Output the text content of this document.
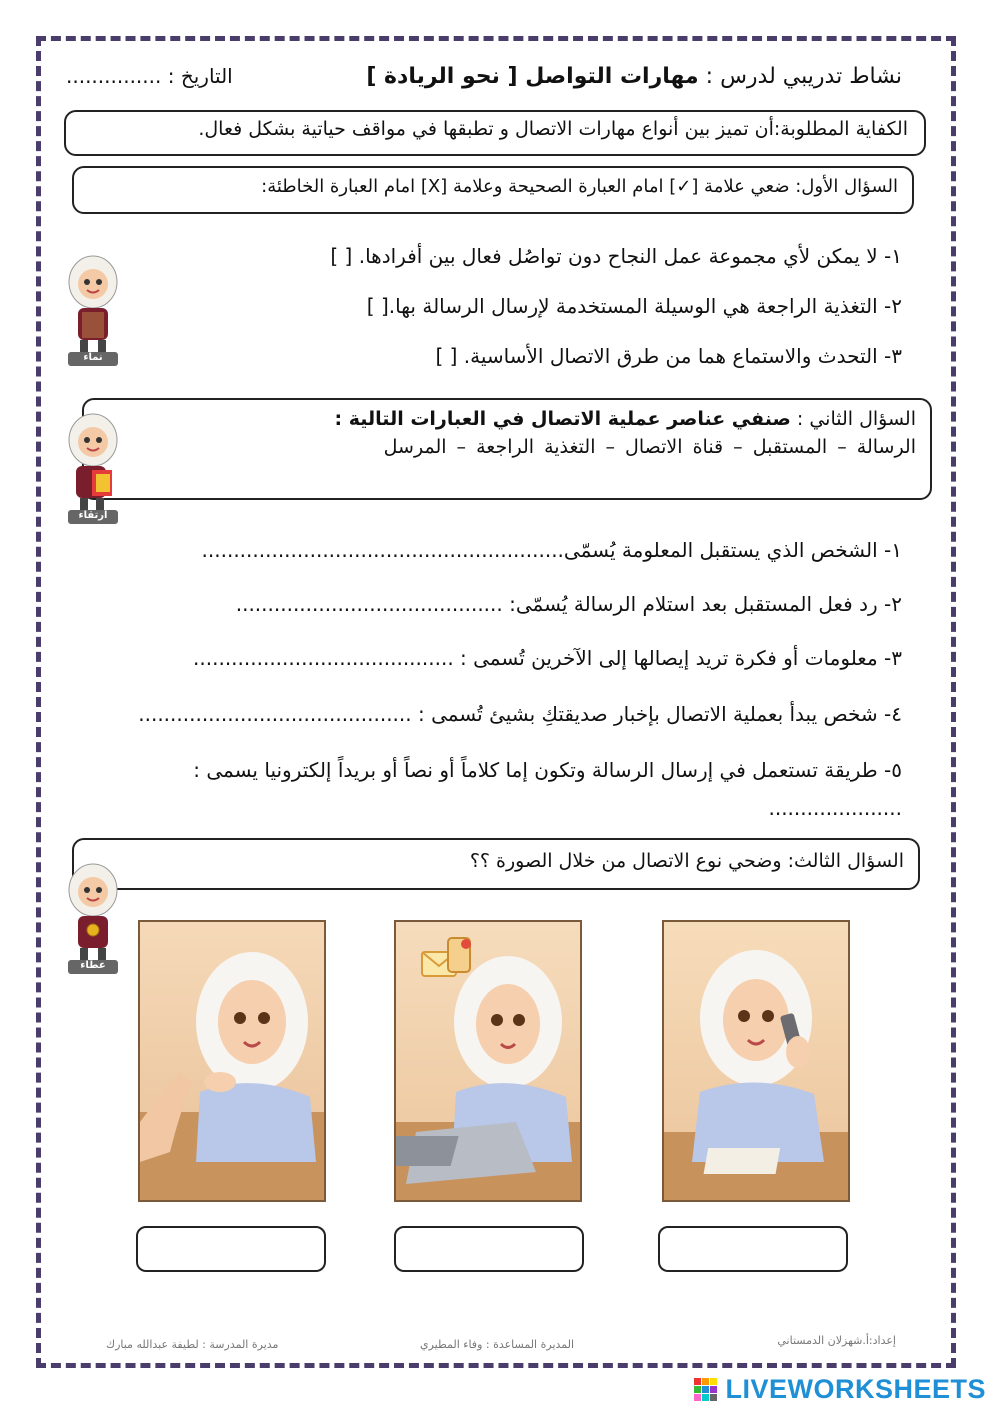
نشاط تدريبي لدرس : مهارات التواصل [ نحو الريادة ]
التاريخ : ...............
الكفاية المطلوبة:أن تميز بين أنواع مهارات الاتصال و تطبقها في مواقف حياتية بشكل فعال.
السؤال الأول: ضعي علامة [✓] امام العبارة الصحيحة وعلامة [X] امام العبارة الخاطئة:
١- لا يمكن لأي مجموعة عمل النجاح دون تواصُل فعال بين أفرادها. [ ]
٢- التغذية الراجعة هي الوسيلة المستخدمة لإرسال الرسالة بها.[ ]
٣- التحدث والاستماع هما من طرق الاتصال الأساسية. [ ]
السؤال الثاني : صنفي عناصر عملية الاتصال في العبارات التالية :
الرسالة – المستقبل – قناة الاتصال – التغذية الراجعة – المرسل
١- الشخص الذي يستقبل المعلومة يُسمّى.........................................................
٢- رد فعل المستقبل بعد استلام الرسالة يُسمّى: ..........................................
٣- معلومات أو فكرة تريد إيصالها إلى الآخرين تُسمى : .........................................
٤- شخص يبدأ بعملية الاتصال بإخبار صديقتكِ بشيئ تُسمى : ...........................................
٥- طريقة تستعمل في إرسال الرسالة وتكون إما كلاماً أو نصاً أو بريداً إلكترونيا يسمى :
.....................
السؤال الثالث: وضحي نوع الاتصال من خلال الصورة ؟؟
نماء
ارتقاء
عطاء
مديرة المدرسة : لطيفة عبدالله مبارك	المديرة المساعدة : وفاء المطيري	إعداد:أ.شهزلان الدمستاني
LIVEWORKSHEETS
